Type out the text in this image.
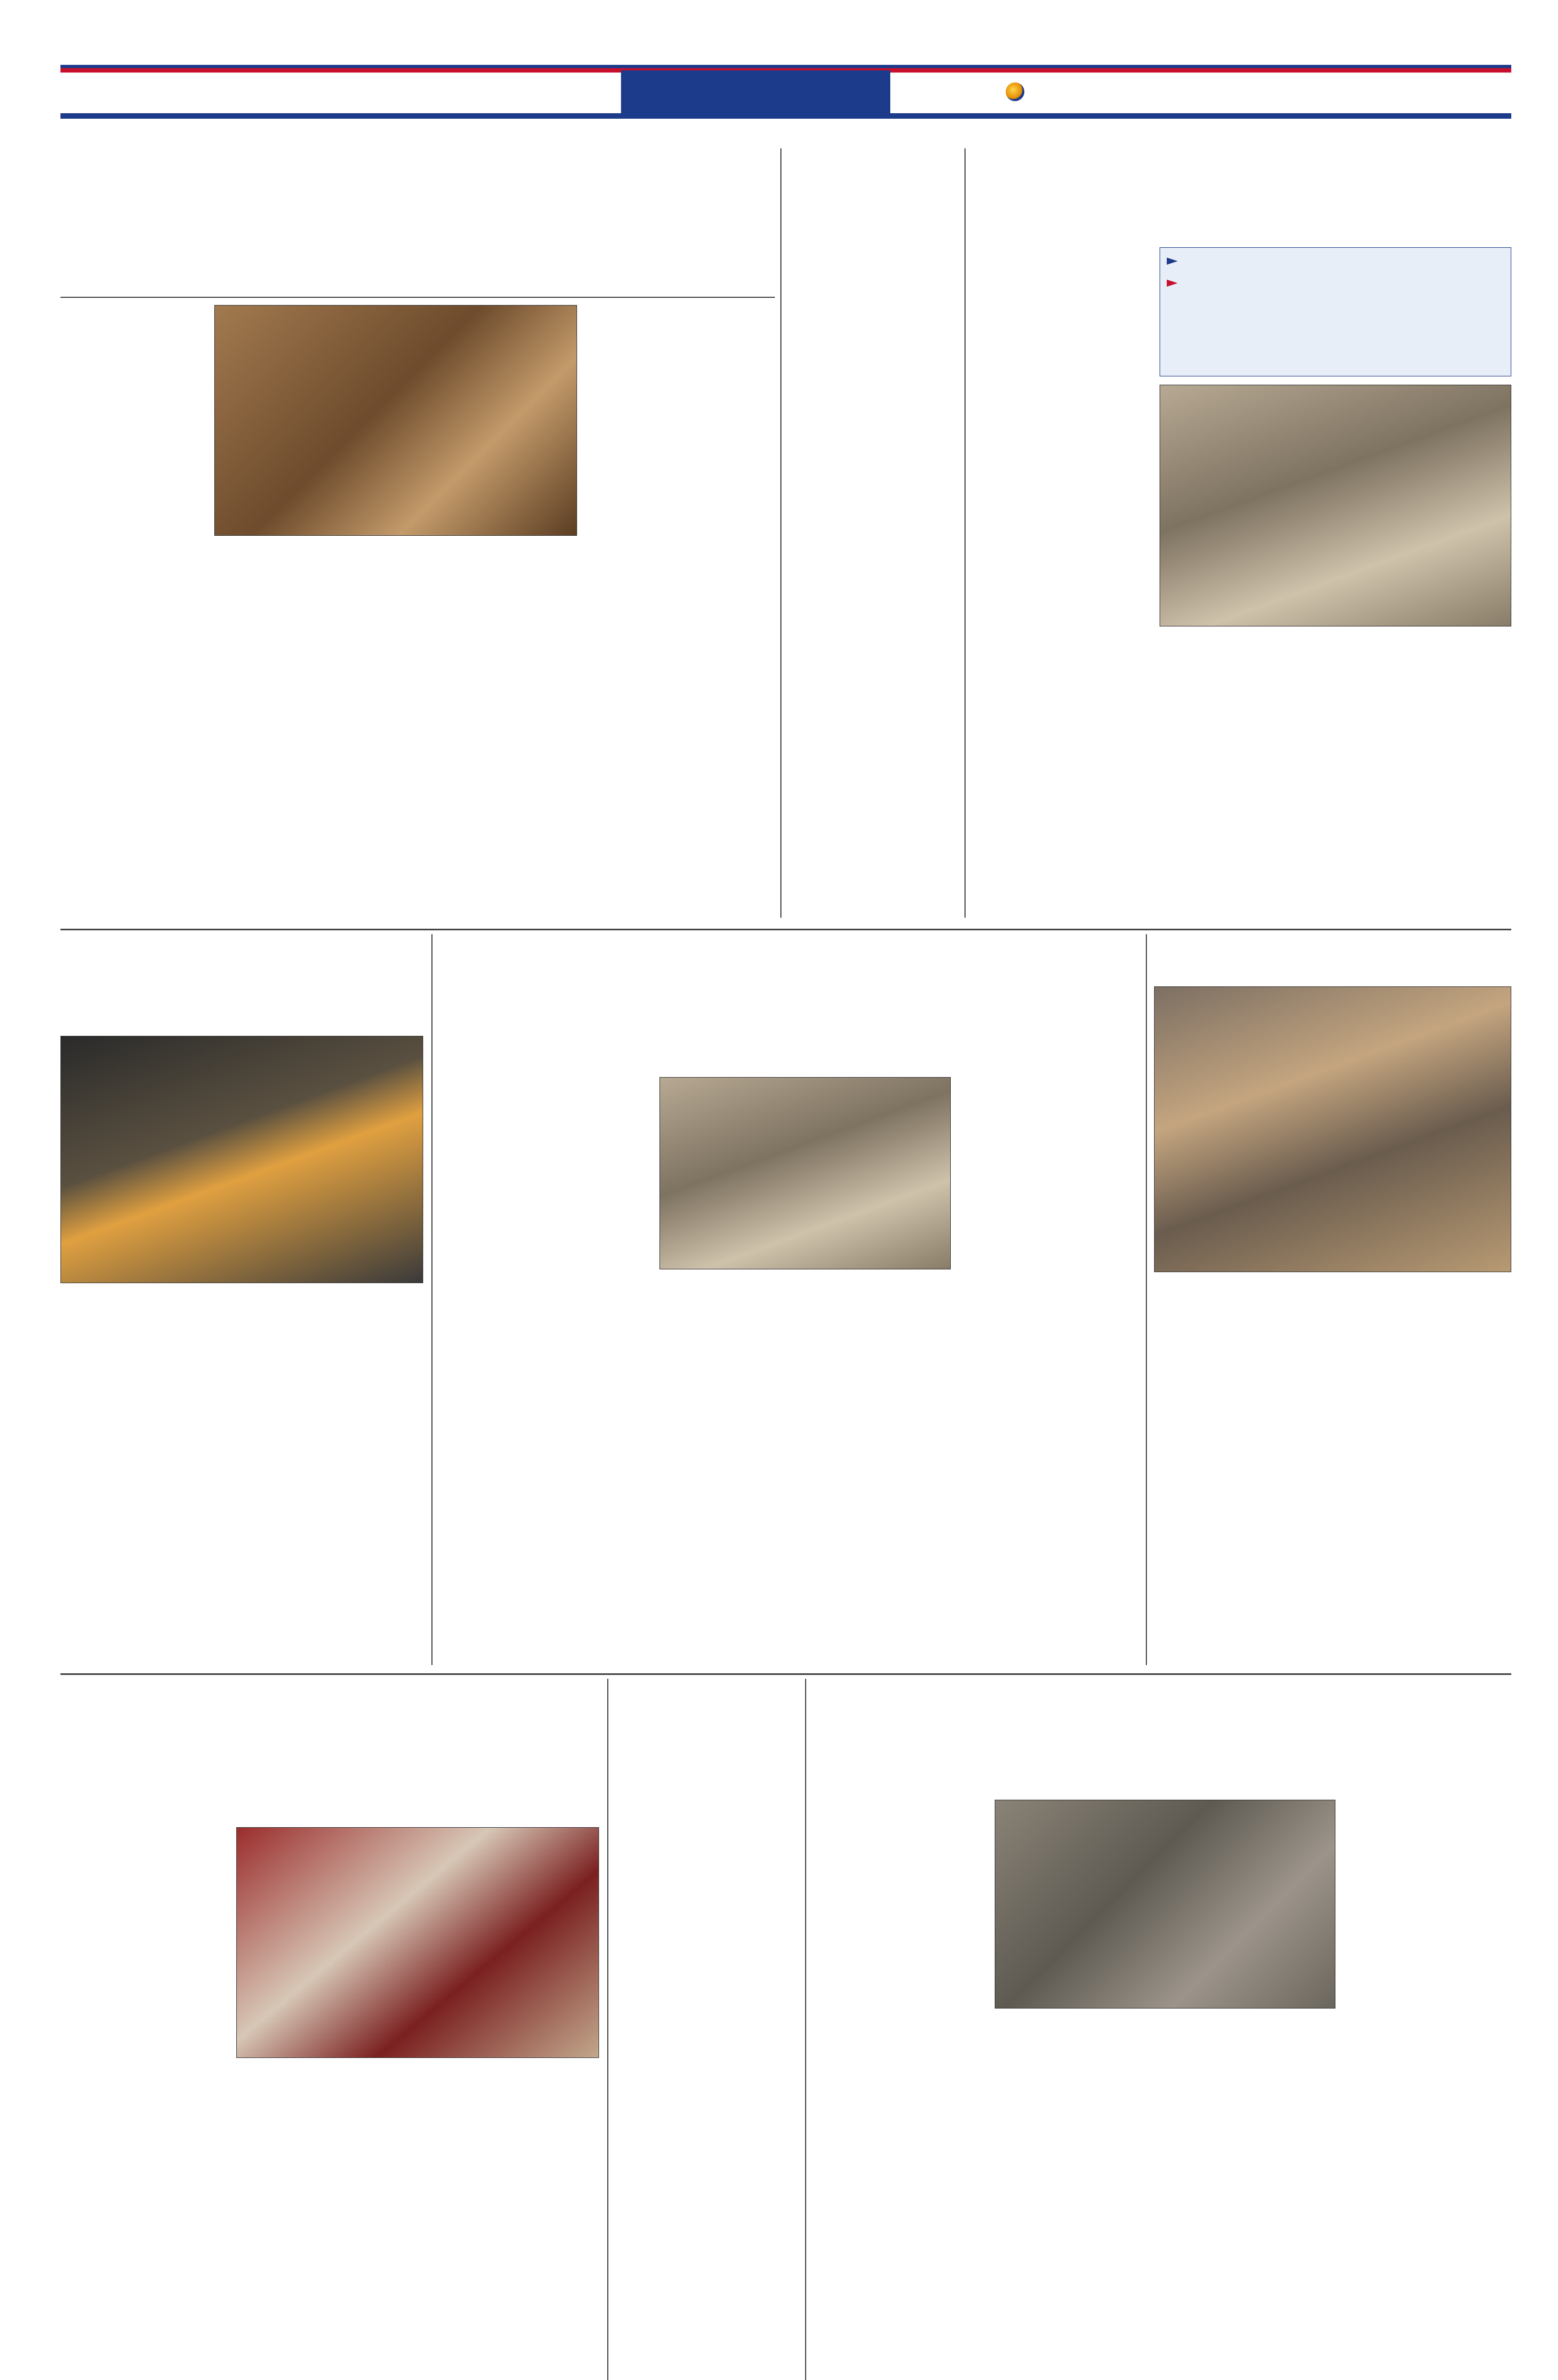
►
►
